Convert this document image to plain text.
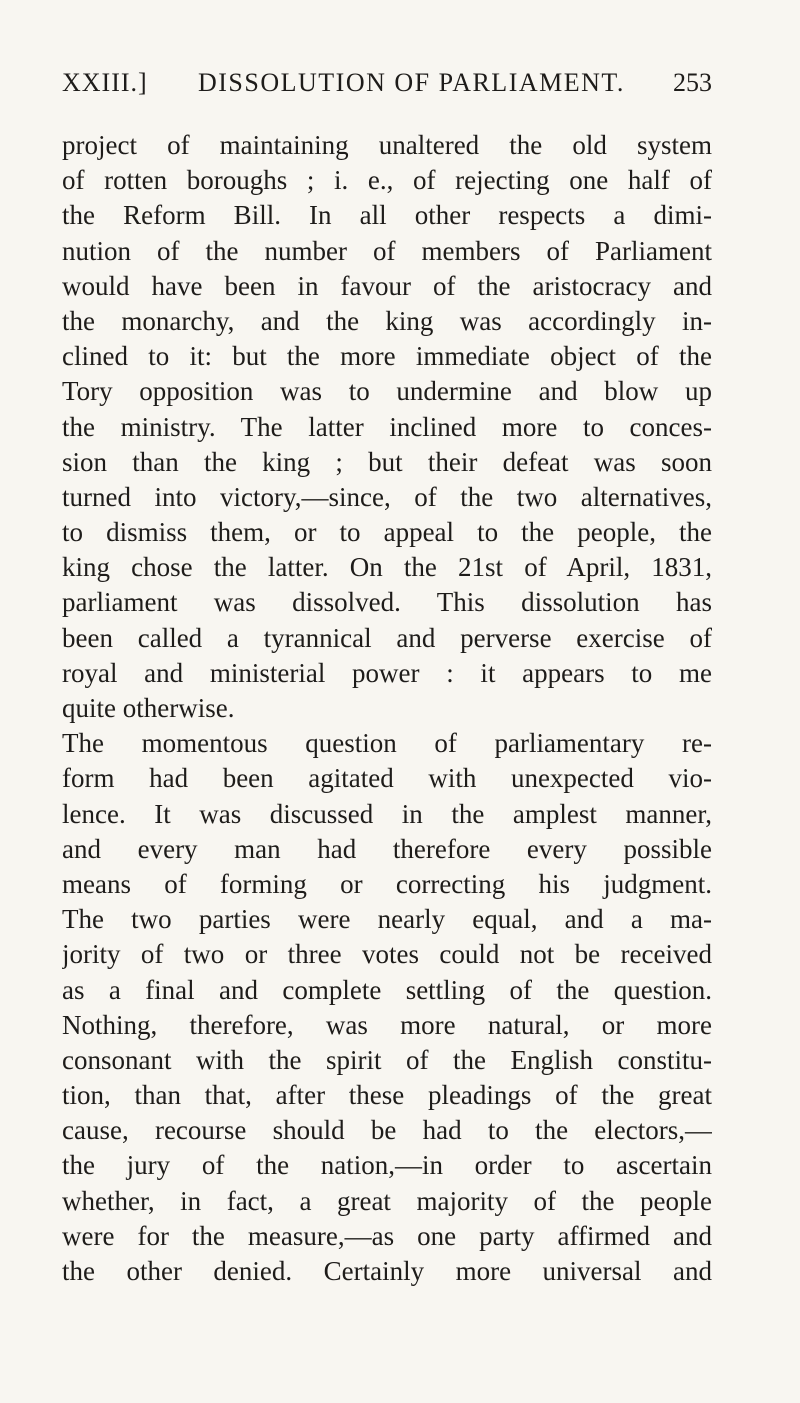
XXIII.] DISSOLUTION OF PARLIAMENT. 253
project of maintaining unaltered the old system
of rotten boroughs ; i. e., of rejecting one half of
the Reform Bill. In all other respects a dimi-
nution of the number of members of Parliament
would have been in favour of the aristocracy and
the monarchy, and the king was accordingly in-
clined to it: but the more immediate object of the
Tory opposition was to undermine and blow up
the ministry. The latter inclined more to conces-
sion than the king ; but their defeat was soon
turned into victory,—since, of the two alternatives,
to dismiss them, or to appeal to the people, the
king chose the latter. On the 21st of April, 1831,
parliament was dissolved. This dissolution has
been called a tyrannical and perverse exercise of
royal and ministerial power : it appears to me
quite otherwise.
The momentous question of parliamentary re-
form had been agitated with unexpected vio-
lence. It was discussed in the amplest manner,
and every man had therefore every possible
means of forming or correcting his judgment.
The two parties were nearly equal, and a ma-
jority of two or three votes could not be received
as a final and complete settling of the question.
Nothing, therefore, was more natural, or more
consonant with the spirit of the English constitu-
tion, than that, after these pleadings of the great
cause, recourse should be had to the electors,—
the jury of the nation,—in order to ascertain
whether, in fact, a great majority of the people
were for the measure,—as one party affirmed and
the other denied. Certainly more universal and
